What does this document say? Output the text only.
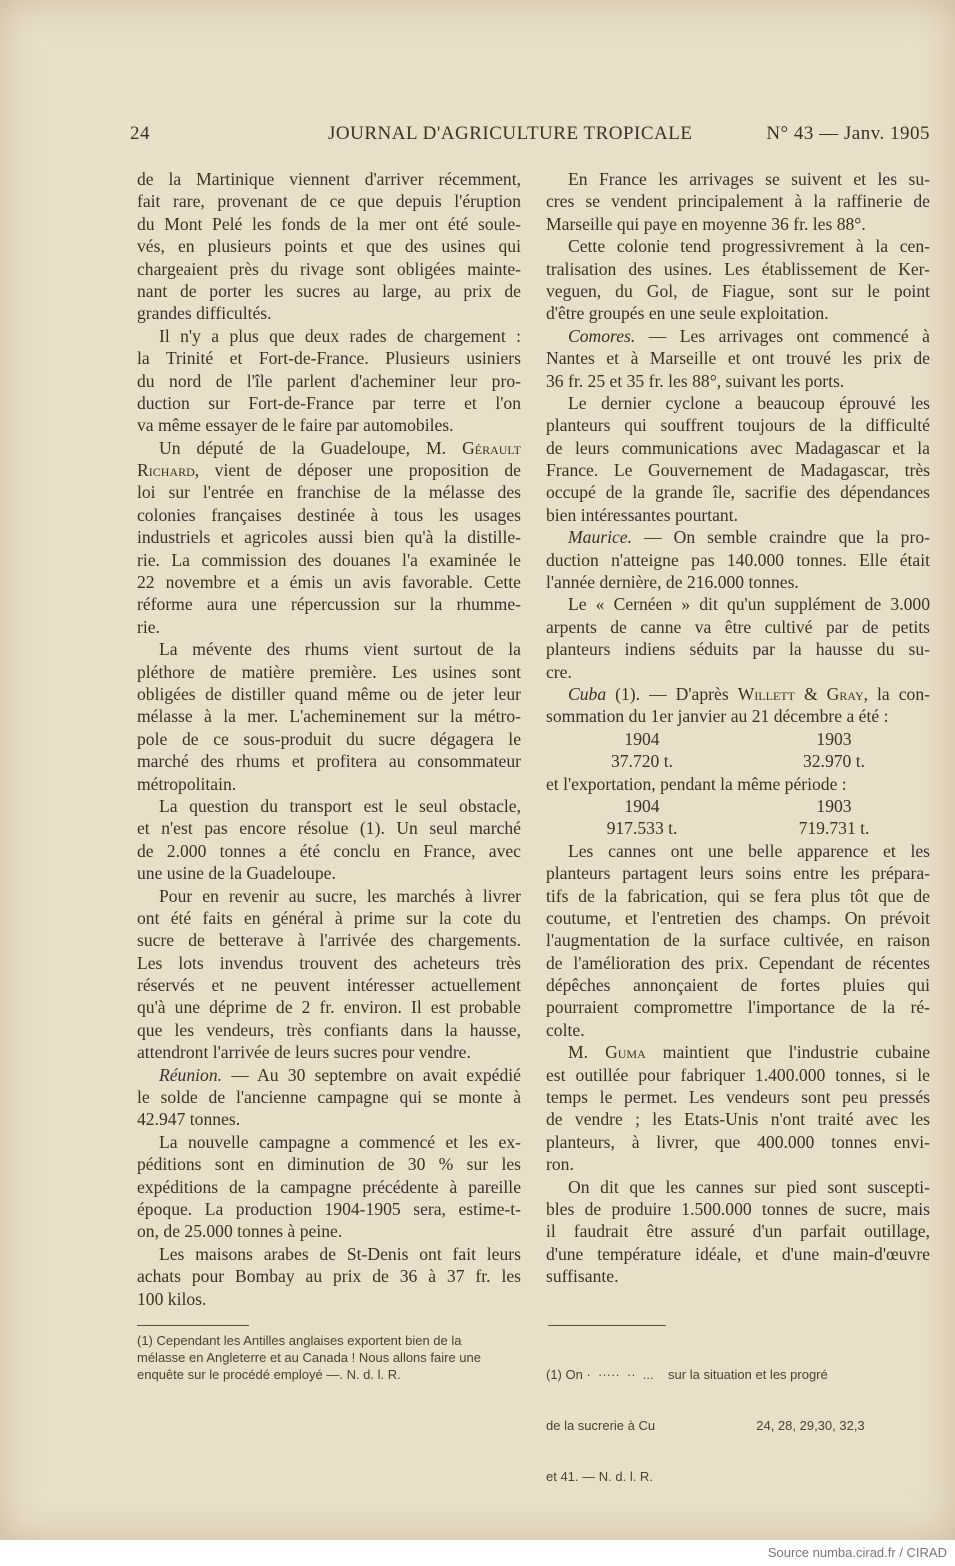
24	JOURNAL D'AGRICULTURE TROPICALE	N° 43 — Janv. 1905
de la Martinique viennent d'arriver récemment,
fait rare, provenant de ce que depuis l'éruption
du Mont Pelé les fonds de la mer ont été soule-
vés, en plusieurs points et que des usines qui
chargeaient près du rivage sont obligées mainte-
nant de porter les sucres au large, au prix de
grandes difficultés.
Il n'y a plus que deux rades de chargement :
la Trinité et Fort-de-France. Plusieurs usiniers
du nord de l'île parlent d'acheminer leur pro-
duction sur Fort-de-France par terre et l'on
va même essayer de le faire par automobiles.
Un député de la Guadeloupe, M. Gérault
Richard, vient de déposer une proposition de
loi sur l'entrée en franchise de la mélasse des
colonies françaises destinée à tous les usages
industriels et agricoles aussi bien qu'à la distille-
rie. La commission des douanes l'a examinée le
22 novembre et a émis un avis favorable. Cette
réforme aura une répercussion sur la rhumme-
rie.
La mévente des rhums vient surtout de la
pléthore de matière première. Les usines sont
obligées de distiller quand même ou de jeter leur
mélasse à la mer. L'acheminement sur la métro-
pole de ce sous-produit du sucre dégagera le
marché des rhums et profitera au consommateur
métropolitain.
La question du transport est le seul obstacle,
et n'est pas encore résolue (1). Un seul marché
de 2.000 tonnes a été conclu en France, avec
une usine de la Guadeloupe.
Pour en revenir au sucre, les marchés à livrer
ont été faits en général à prime sur la cote du
sucre de betterave à l'arrivée des chargements.
Les lots invendus trouvent des acheteurs très
réservés et ne peuvent intéresser actuellement
qu'à une déprime de 2 fr. environ. Il est probable
que les vendeurs, très confiants dans la hausse,
attendront l'arrivée de leurs sucres pour vendre.
Réunion. — Au 30 septembre on avait expédié
le solde de l'ancienne campagne qui se monte à
42.947 tonnes.
La nouvelle campagne a commencé et les ex-
péditions sont en diminution de 30 % sur les
expéditions de la campagne précédente à pareille
époque. La production 1904-1905 sera, estime-t-
on, de 25.000 tonnes à peine.
Les maisons arabes de St-Denis ont fait leurs
achats pour Bombay au prix de 36 à 37 fr. les
100 kilos.
En France les arrivages se suivent et les su-
cres se vendent principalement à la raffinerie de
Marseille qui paye en moyenne 36 fr. les 88°.
Cette colonie tend progressivrement à la cen-
tralisation des usines. Les établissement de Ker-
veguen, du Gol, de Fiague, sont sur le point
d'être groupés en une seule exploitation.
Comores. — Les arrivages ont commencé à
Nantes et à Marseille et ont trouvé les prix de
36 fr. 25 et 35 fr. les 88°, suivant les ports.
Le dernier cyclone a beaucoup éprouvé les
planteurs qui souffrent toujours de la difficulté
de leurs communications avec Madagascar et la
France. Le Gouvernement de Madagascar, très
occupé de la grande île, sacrifie des dépendances
bien intéressantes pourtant.
Maurice. — On semble craindre que la pro-
duction n'atteigne pas 140.000 tonnes. Elle était
l'année dernière, de 216.000 tonnes.
Le « Cernéen » dit qu'un supplément de 3.000
arpents de canne va être cultivé par de petits
planteurs indiens séduits par la hausse du su-
cre.
Cuba (1). — D'après Willett & Gray, la con-
sommation du 1er janvier au 21 décembre a été :
1904	1903
37.720 t.	32.970 t.
et l'exportation, pendant la même période :
1904	1903
917.533 t.	719.731 t.
Les cannes ont une belle apparence et les
planteurs partagent leurs soins entre les prépara-
tifs de la fabrication, qui se fera plus tôt que de
coutume, et l'entretien des champs. On prévoit
l'augmentation de la surface cultivée, en raison
de l'amélioration des prix. Cependant de récentes
dépêches annonçaient de fortes pluies qui
pourraient compromettre l'importance de la ré-
colte.
M. Guma maintient que l'industrie cubaine
est outillée pour fabriquer 1.400.000 tonnes, si le
temps le permet. Les vendeurs sont peu pressés
de vendre ; les Etats-Unis n'ont traité avec les
planteurs, à livrer, que 400.000 tonnes envi-
ron.
On dit que les cannes sur pied sont suscepti-
bles de produire 1.500.000 tonnes de sucre, mais
il faudrait être assuré d'un parfait outillage,
d'une température idéale, et d'une main-d'œuvre
suffisante.
(1) Cependant les Antilles anglaises exportent bien de la
mélasse en Angleterre et au Canada ! Nous allons faire une
enquête sur le procédé employé —. N. d. l. R.

	(1) On ·  ·····  ··  ...    sur la situation et les progré

de la sucrerie à Cu                            24, 28, 29,30, 32,3

et 41. — N. d. l. R.

Source numba.cirad.fr / CIRAD
